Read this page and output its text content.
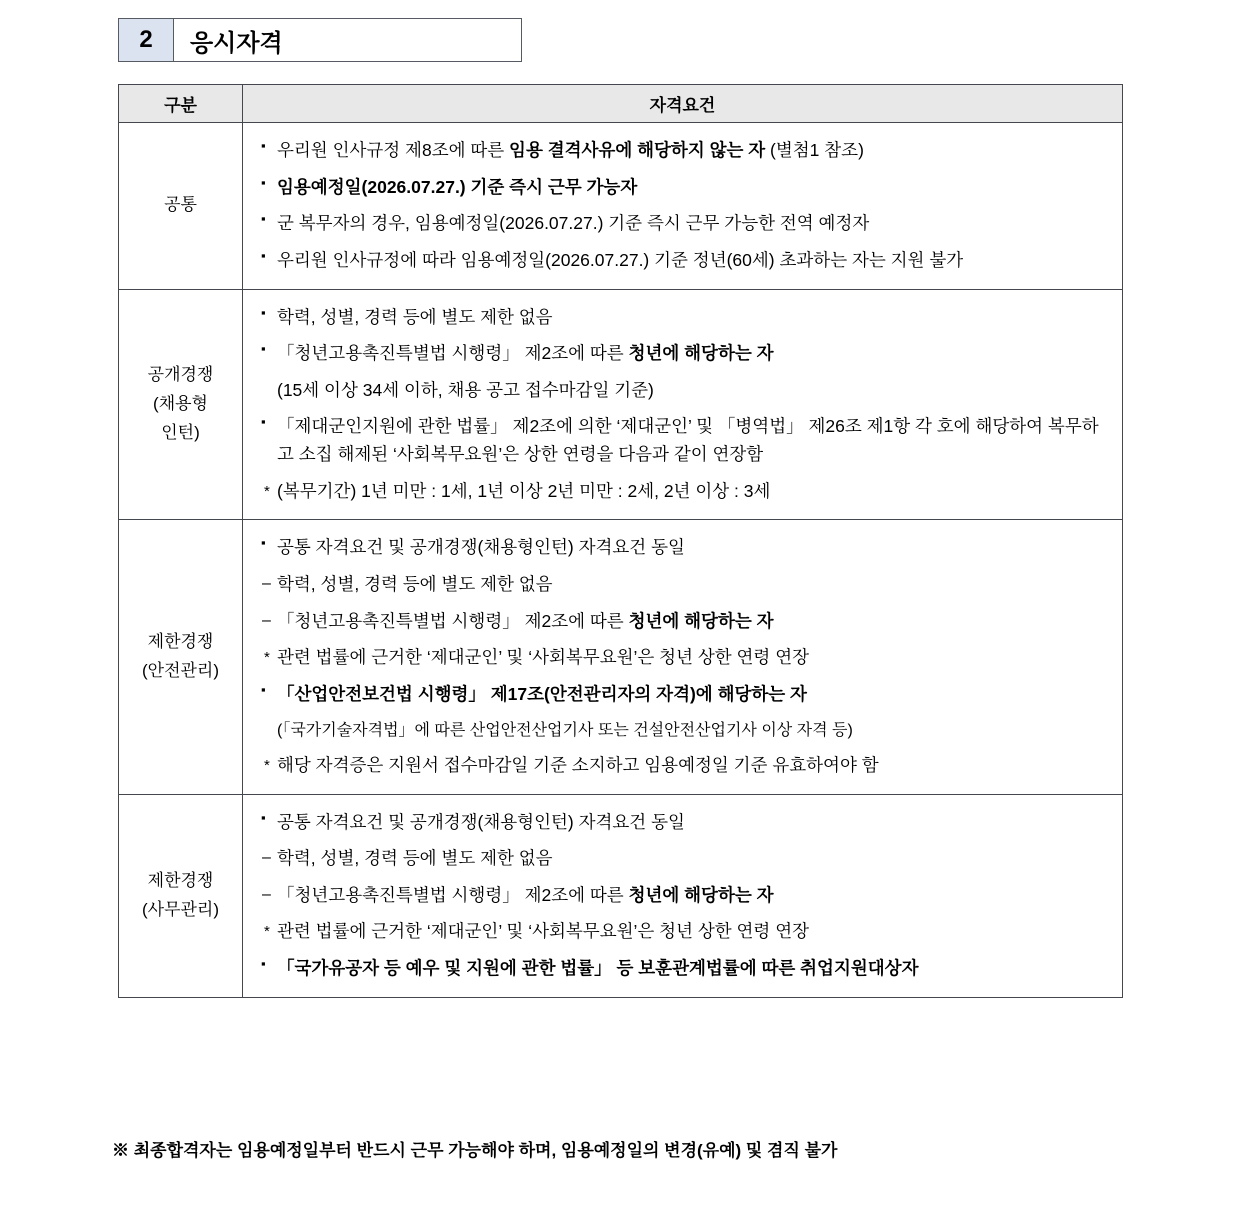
2	응시자격
구분	자격요건
공통	
▪ 우리원 인사규정 제8조에 따른 임용 결격사유에 해당하지 않는 자 (별첨1 참조)
▪ 임용예정일(2026.07.27.) 기준 즉시 근무 가능자
▪ 군 복무자의 경우, 임용예정일(2026.07.27.) 기준 즉시 근무 가능한 전역 예정자
▪ 우리원 인사규정에 따라 임용예정일(2026.07.27.) 기준 정년(60세) 초과하는 자는 지원 불가

공개경쟁
(채용형
인턴)

▪ 학력, 성별, 경력 등에 별도 제한 없음
▪ 「청년고용촉진특별법 시행령」 제2조에 따른 청년에 해당하는 자
(15세 이상 34세 이하, 채용 공고 접수마감일 기준)
▪ 「제대군인지원에 관한 법률」 제2조에 의한 ‘제대군인’ 및 「병역법」 제26조 제1항 각 호에 해당하여 복무하고 소집 해제된 ‘사회복무요원’은 상한 연령을 다음과 같이 연장함
* (복무기간) 1년 미만 : 1세, 1년 이상 2년 미만 : 2세, 2년 이상 : 3세

제한경쟁
(안전관리)

▪ 공통 자격요건 및 공개경쟁(채용형인턴) 자격요건 동일
– 학력, 성별, 경력 등에 별도 제한 없음
– 「청년고용촉진특별법 시행령」 제2조에 따른 청년에 해당하는 자
* 관련 법률에 근거한 ‘제대군인’ 및 ‘사회복무요원’은 청년 상한 연령 연장
▪ 「산업안전보건법 시행령」 제17조(안전관리자의 자격)에 해당하는 자
(「국가기술자격법」에 따른 산업안전산업기사 또는 건설안전산업기사 이상 자격 등)
* 해당 자격증은 지원서 접수마감일 기준 소지하고 임용예정일 기준 유효하여야 함

제한경쟁
(사무관리)

▪ 공통 자격요건 및 공개경쟁(채용형인턴) 자격요건 동일
– 학력, 성별, 경력 등에 별도 제한 없음
– 「청년고용촉진특별법 시행령」 제2조에 따른 청년에 해당하는 자
* 관련 법률에 근거한 ‘제대군인’ 및 ‘사회복무요원’은 청년 상한 연령 연장
▪ 「국가유공자 등 예우 및 지원에 관한 법률」 등 보훈관계법률에 따른 취업지원대상자
※ 최종합격자는 임용예정일부터 반드시 근무 가능해야 하며, 임용예정일의 변경(유예) 및 겸직 불가
